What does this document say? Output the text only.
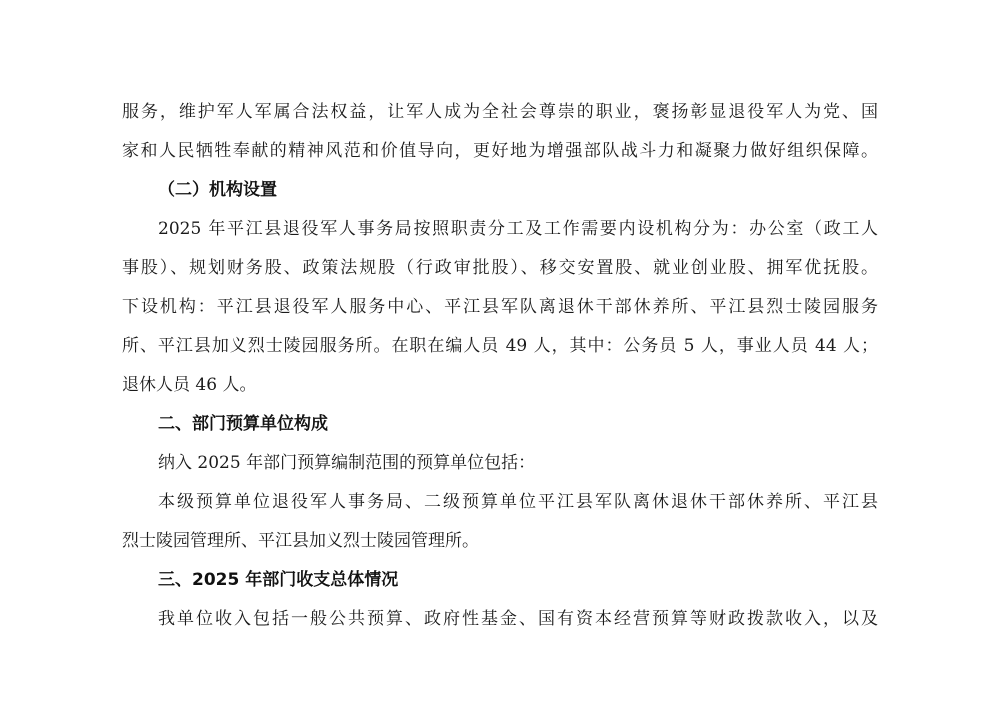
服务，维护军人军属合法权益，让军人成为全社会尊崇的职业，褒扬彰显退役军人为党、国
家和人民牺牲奉献的精神风范和价值导向，更好地为增强部队战斗力和凝聚力做好组织保障。
（二）机构设置
2025 年平江县退役军人事务局按照职责分工及工作需要内设机构分为：办公室（政工人
事股）、规划财务股、政策法规股（行政审批股）、移交安置股、就业创业股、拥军优抚股。
下设机构：平江县退役军人服务中心、平江县军队离退休干部休养所、平江县烈士陵园服务
所、平江县加义烈士陵园服务所。在职在编人员 49 人，其中：公务员 5 人，事业人员 44 人；
退休人员 46 人。
二、部门预算单位构成
纳入 2025 年部门预算编制范围的预算单位包括：
本级预算单位退役军人事务局、二级预算单位平江县军队离休退休干部休养所、平江县
烈士陵园管理所、平江县加义烈士陵园管理所。
三、2025 年部门收支总体情况
我单位收入包括一般公共预算、政府性基金、国有资本经营预算等财政拨款收入，以及
